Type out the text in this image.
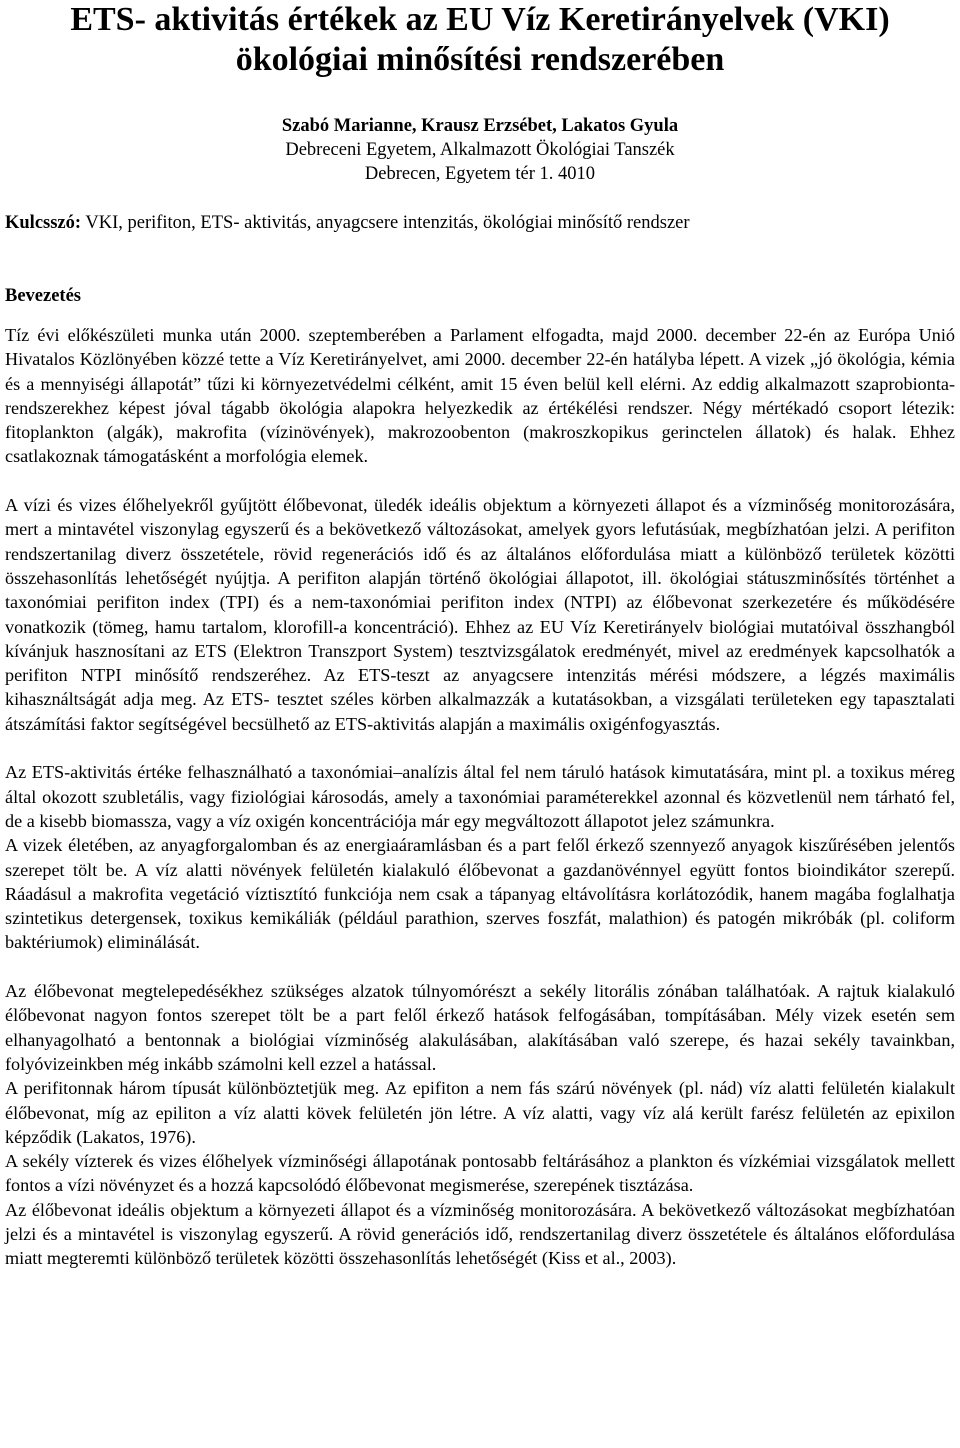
ETS- aktivitás értékek az EU Víz Keretirányelvek (VKI) ökológiai minősítési rendszerében
Szabó Marianne, Krausz Erzsébet, Lakatos Gyula
Debreceni Egyetem, Alkalmazott Ökológiai Tanszék
Debrecen, Egyetem tér 1. 4010
Kulcsszó: VKI, perifiton, ETS- aktivitás, anyagcsere intenzitás, ökológiai minősítő rendszer
Bevezetés

Tíz évi előkészületi munka után 2000. szeptemberében a Parlament elfogadta, majd 2000. december 22-én az Európa Unió Hivatalos Közlönyében közzé tette a Víz Keretirányelvet, ami 2000. december 22-én hatályba lépett. A vizek „jó ökológia, kémia és a mennyiségi állapotát” tűzi ki környezetvédelmi célként, amit 15 éven belül kell elérni. Az eddig alkalmazott szaprobionta- rendszerekhez képest jóval tágabb ökológia alapokra helyezkedik az értékélési rendszer. Négy mértékadó csoport létezik: fitoplankton (algák), makrofita (vízinövények), makrozoobenton (makroszkopikus gerinctelen állatok) és halak. Ehhez csatlakoznak támogatásként a morfológia elemek.

A vízi és vizes élőhelyekről gyűjtött élőbevonat, üledék ideális objektum a környezeti állapot és a vízminőség monitorozására, mert a mintavétel viszonylag egyszerű és a bekövetkező változásokat, amelyek gyors lefutásúak, megbízhatóan jelzi. A perifiton rendszertanilag diverz összetétele, rövid regenerációs idő és az általános előfordulása miatt a különböző területek közötti összehasonlítás lehetőségét nyújtja. A perifiton alapján történő ökológiai állapotot, ill. ökológiai státuszminősítés történhet a taxonómiai perifiton index (TPI) és a nem-taxonómiai perifiton index (NTPI) az élőbevonat szerkezetére és működésére vonatkozik (tömeg, hamu tartalom, klorofill-a koncentráció). Ehhez az EU Víz Keretirányelv biológiai mutatóival összhangból kívánjuk hasznosítani az ETS (Elektron Transzport System) tesztvizsgálatok eredményét, mivel az eredmények kapcsolhatók a perifiton NTPI minősítő rendszeréhez. Az ETS-teszt az anyagcsere intenzitás mérési módszere, a légzés maximális kihasználtságát adja meg. Az ETS- tesztet széles körben alkalmazzák a kutatásokban, a vizsgálati területeken egy tapasztalati átszámítási faktor segítségével becsülhető az ETS-aktivitás alapján a maximális oxigénfogyasztás.

Az ETS-aktivitás értéke felhasználható a taxonómiai–analízis által fel nem tárulό hatások kimutatására, mint pl. a toxikus méreg által okozott szubletális, vagy fiziológiai károsodás, amely a taxonómiai paraméterekkel azonnal és közvetlenül nem tárható fel, de a kisebb biomassza, vagy a víz oxigén koncentrációja már egy megváltozott állapotot jelez számunkra.

A vizek életében, az anyagforgalomban és az energiaáramlásban és a part felől érkező szennyező anyagok kiszűrésében jelentős szerepet tölt be. A víz alatti növények felületén kialakuló élőbevonat a gazdanövénnyel együtt fontos bioindikátor szerepű. Ráadásul a makrofita vegetáció víztisztító funkciója nem csak a tápanyag eltávolításra korlátozódik, hanem magába foglalhatja szintetikus detergensek, toxikus kemikáliák (például parathion, szerves foszfát, malathion) és patogén mikróbák (pl. coliform baktériumok) eliminálását.

Az élőbevonat megtelepedésékhez szükséges alzatok túlnyomórészt a sekély litorális zónában találhatóak. A rajtuk kialakuló élőbevonat nagyon fontos szerepet tölt be a part felől érkező hatások felfogásában, tompításában. Mély vizek esetén sem elhanyagolható a bentonnak a biológiai vízminőség alakulásában, alakításában való szerepe, és hazai sekély tavainkban, folyóvizeinkben még inkább számolni kell ezzel a hatással.

A perifitonnak három típusát különböztetjük meg. Az epifiton a nem fás szárú növények (pl. nád) víz alatti felületén kialakult élőbevonat, míg az epiliton a víz alatti kövek felületén jön létre. A víz alatti, vagy víz alá került farész felületén az epixilon képződik (Lakatos, 1976).

A sekély vízterek és vizes élőhelyek vízminőségi állapotának pontosabb feltárásához a plankton és vízkémiai vizsgálatok mellett fontos a vízi növényzet és a hozzá kapcsolódó élőbevonat megismerése, szerepének tisztázása.

Az élőbevonat ideális objektum a környezeti állapot és a vízminőség monitorozására. A bekövetkező változásokat megbízhatóan jelzi és a mintavétel is viszonylag egyszerű. A rövid generációs idő, rendszertanilag diverz összetétele és általános előfordulása miatt megteremti különböző területek közötti összehasonlítás lehetőségét (Kiss et al., 2003).
